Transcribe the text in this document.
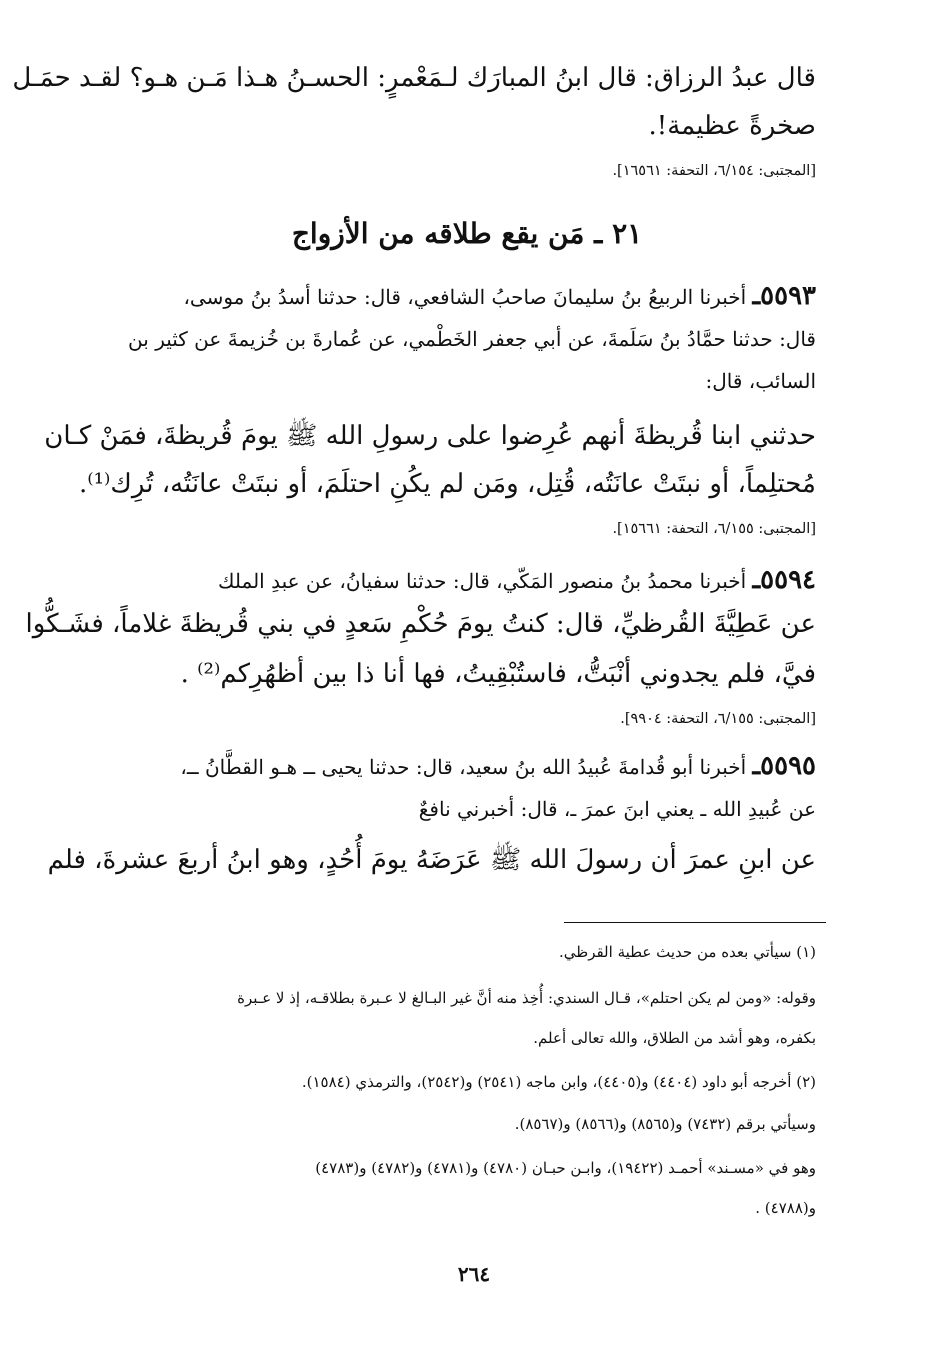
قال عبدُ الرزاق: قال ابنُ المبارَك لـمَعْمرٍ: الحسـنُ هـذا مَـن هـو؟ لقـد حمَـل
صخرةً عظيمة!.
[المجتبى: ٦/١٥٤، التحفة: ١٦٥٦١].
٢١ ـ مَن يقع طلاقه من الأزواج
٥٥٩٣ـ أخبرنا الربيعُ بنُ سليمانَ صاحبُ الشافعي، قال: حدثنا أسدُ بنُ موسى،
قال: حدثنا حمَّادُ بنُ سَلَمةَ، عن أبي جعفر الخَطْمي، عن عُمارةَ بن خُزيمةَ عن كثير بن
السائب، قال:
حدثني ابنا قُريظةَ أنهم عُرِضوا على رسولِ الله ﷺ يومَ قُريظةَ، فمَنْ كـان
مُحتلِماً، أو نبتَتْ عانَتُه، قُتِل، ومَن لم يكُنِ احتلَمَ، أو نبتَتْ عانَتُه، تُرِك⁽¹⁾.
[المجتبى: ٦/١٥٥، التحفة: ١٥٦٦١].
٥٥٩٤ـ أخبرنا محمدُ بنُ منصور المَكّي، قال: حدثنا سفيانُ، عن عبدِ الملك
عن عَطِيَّةَ القُرظيِّ، قال: كنتُ يومَ حُكْمِ سَعدٍ في بني قُريظةَ غلاماً، فشَـكُّوا
فيَّ، فلم يجدوني أنْبَتُّ، فاستُبْقِيتُ، فها أنا ذا بين أظهُرِكم⁽²⁾ .
[المجتبى: ٦/١٥٥، التحفة: ٩٩٠٤].
٥٥٩٥ـ أخبرنا أبو قُدامةَ عُبيدُ الله بنُ سعيد، قال: حدثنا يحيى ــ هـو القطَّانُ ــ،
عن عُبيدِ الله ـ يعني ابنَ عمرَ ـ، قال: أخبرني نافعٌ
عن ابنِ عمرَ أن رسولَ الله ﷺ عَرَضَهُ يومَ أُحُدٍ، وهو ابنُ أربعَ عشرةَ، فلم
(١) سيأتي بعده من حديث عطية القرظي.
وقوله: «ومن لم يكن احتلم»، قـال السندي: أُخِذ منه أنَّ غير البـالغ لا عـبرة بطلاقـه، إذ لا عـبرة
بكفره، وهو أشد من الطلاق، والله تعالى أعلم.
(٢) أخرجه أبو داود (٤٤٠٤) و(٤٤٠٥)، وابن ماجه (٢٥٤١) و(٢٥٤٢)، والترمذي (١٥٨٤).
وسيأتي برقم (٧٤٣٢) و(٨٥٦٥) و(٨٥٦٦) و(٨٥٦٧).
وهو في «مسـند» أحمـد (١٩٤٢٢)، وابـن حبـان (٤٧٨٠) و(٤٧٨١) و(٤٧٨٢) و(٤٧٨٣)
و(٤٧٨٨) .
٢٦٤
